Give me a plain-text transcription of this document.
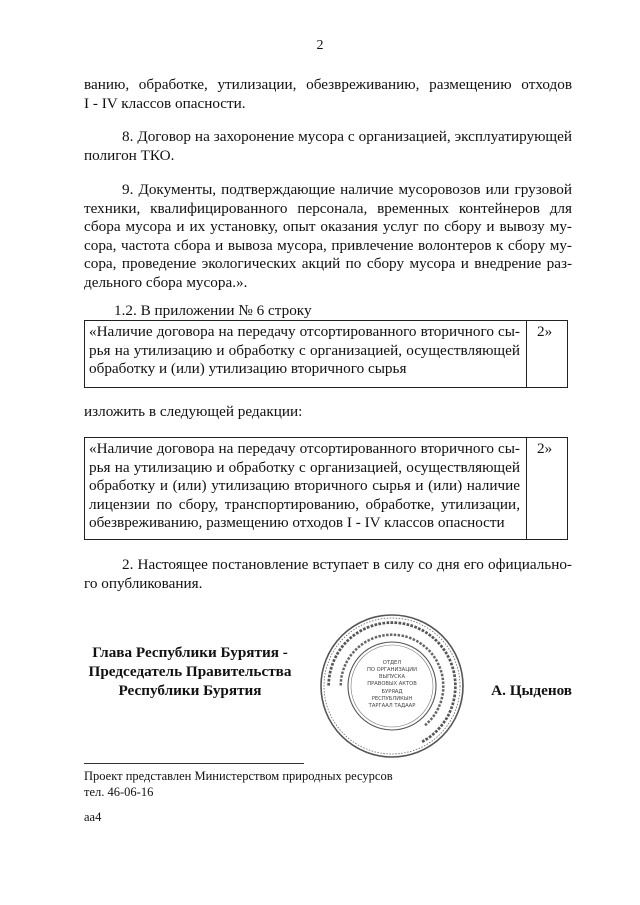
2
ванию, обработке, утилизации, обезвреживанию, размещению отходов
I - IV классов опасности.
8. Договор на захоронение мусора с организацией, эксплуатирующей
полигон ТКО.
9. Документы, подтверждающие наличие мусоровозов или грузовой
техники, квалифицированного персонала, временных контейнеров для
сбора мусора и их установку, опыт оказания услуг по сбору и вывозу му-
сора, частота сбора и вывоза мусора, привлечение волонтеров к сбору му-
сора, проведение экологических акций по сбору мусора и внедрение раз-
дельного сбора мусора.».
1.2. В приложении № 6 строку
«Наличие договора на передачу отсортированного вторичного сы-
рья на утилизацию и обработку с организацией, осуществляющей
обработку и (или) утилизацию вторичного сырья
2»
изложить в следующей редакции:
«Наличие договора на передачу отсортированного вторичного сы-
рья на утилизацию и обработку с организацией, осуществляющей
обработку и (или) утилизацию вторичного сырья и (или) наличие
лицензии по сбору, транспортированию, обработке, утилизации,
обезвреживанию, размещению отходов I - IV классов опасности
2»
2. Настоящее постановление вступает в силу со дня его официально-
го опубликования.
Глава Республики Бурятия -
Председатель Правительства
Республики Бурятия	▪▪▪▪▪▪▪▪▪▪▪▪▪▪▪▪▪▪▪▪▪▪▪▪▪▪▪▪▪▪▪▪▪▪▪▪▪▪▪▪▪▪▪▪▪▪▪▪▪▪▪▪▪▪▪▪▪▪▪▪▪▪▪▪▪▪
▪▪▪▪▪▪▪▪▪▪▪▪▪▪▪▪▪▪▪▪▪▪▪▪▪▪▪▪▪▪▪▪▪▪▪▪▪▪▪▪▪▪▪▪▪▪▪▪▪▪▪▪▪
ОТДЕЛ
ПО ОРГАНИЗАЦИИ
ВЫПУСКА
ПРАВОВЫХ АКТОВ
БУРЯАД
РЕСПУБЛИКЫН
ТАРГААЛ ТАДААР
А. Цыденов
Проект представлен Министерством природных ресурсов
тел. 46-06-16
аа4
